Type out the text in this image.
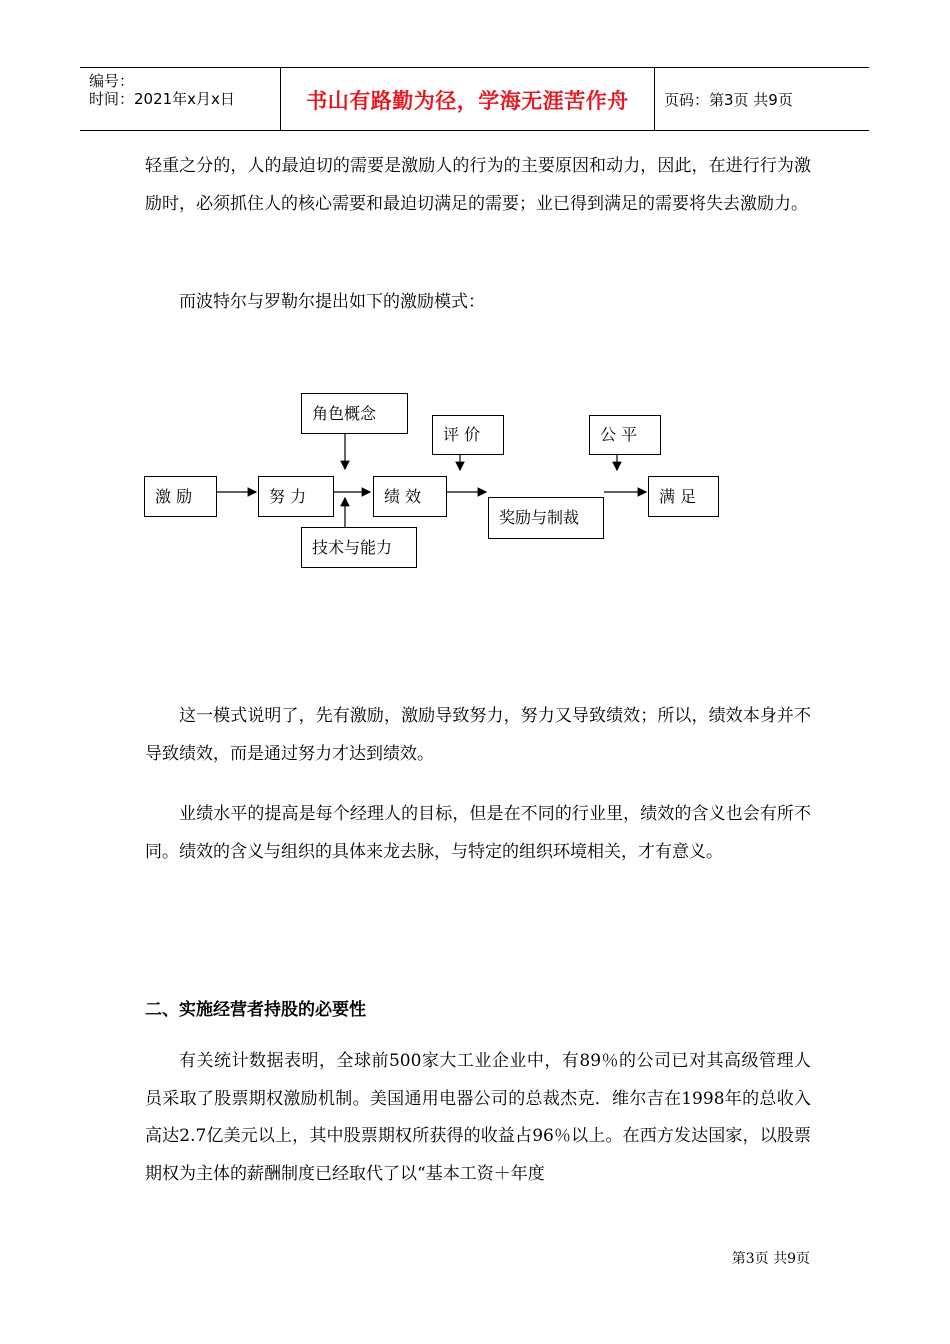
编号：
时间：2021年x月x日	书山有路勤为径，学海无涯苦作舟	页码：第3页 共9页

轻重之分的，人的最迫切的需要是激励人的行为的主要原因和动力，因此，在进行行为激励时，必须抓住人的核心需要和最迫切满足的需要；业已得到满足的需要将失去激励力。

而波特尔与罗勒尔提出如下的激励模式：

激 励	努 力
角色概念
绩 效
评 价
奖励与制裁
公 平
满 足
技术与能力

这一模式说明了，先有激励，激励导致努力，努力又导致绩效；所以，绩效本身并不导致绩效，而是通过努力才达到绩效。

业绩水平的提高是每个经理人的目标，但是在不同的行业里，绩效的含义也会有所不同。绩效的含义与组织的具体来龙去脉，与特定的组织环境相关，才有意义。

二、实施经营者持股的必要性

有关统计数据表明，全球前500家大工业企业中，有89％的公司已对其高级管理人员采取了股票期权激励机制。美国通用电器公司的总裁杰克．维尔吉在1998年的总收入高达2.7亿美元以上，其中股票期权所获得的收益占96％以上。在西方发达国家，以股票期权为主体的薪酬制度已经取代了以“基本工资＋年度

第3页 共9页
